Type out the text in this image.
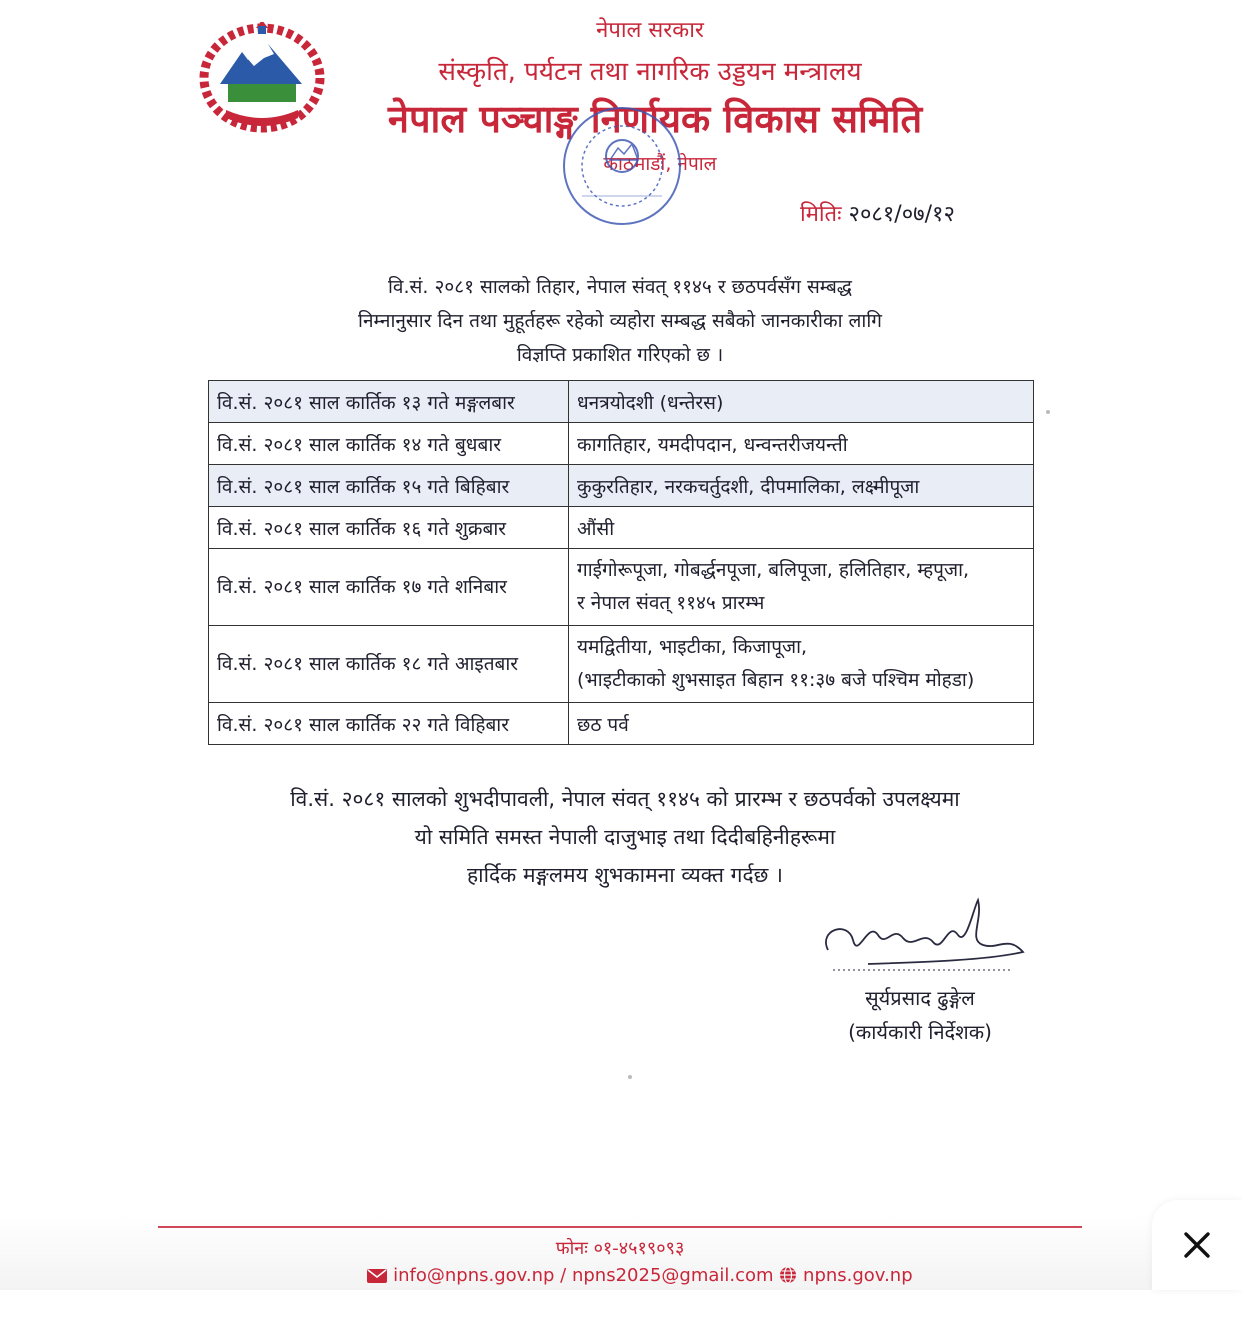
नेपाल सरकार
संस्कृति, पर्यटन तथा नागरिक उड्डयन मन्त्रालय
नेपाल पञ्चाङ्ग निर्णायक विकास समिति
काठमाडौं, नेपाल
मितिः २०८१/०७/१२
वि.सं. २०८१ सालको तिहार, नेपाल संवत् ११४५ र छठपर्वसँग सम्बद्ध
निम्नानुसार दिन तथा मुहूर्तहरू रहेको व्यहोरा सम्बद्ध सबैको जानकारीका लागि
विज्ञप्ति प्रकाशित गरिएको छ ।
वि.सं. २०८१ साल कार्तिक १३ गते मङ्गलबार	धनत्रयोदशी (धन्तेरस)
वि.सं. २०८१ साल कार्तिक १४ गते बुधबार	कागतिहार, यमदीपदान, धन्वन्तरीजयन्ती
वि.सं. २०८१ साल कार्तिक १५ गते बिहिबार	कुकुरतिहार, नरकचर्तुदशी, दीपमालिका, लक्ष्मीपूजा
वि.सं. २०८१ साल कार्तिक १६ गते शुक्रबार	औंसी
वि.सं. २०८१ साल कार्तिक १७ गते शनिबार	गाईगोरूपूजा, गोबर्द्धनपूजा, बलिपूजा, हलितिहार, म्हपूजा,
र नेपाल संवत् ११४५ प्रारम्भ

वि.सं. २०८१ साल कार्तिक १८ गते आइतबार	यमद्वितीया, भाइटीका, किजापूजा,
(भाइटीकाको शुभसाइत बिहान ११:३७ बजे पश्चिम मोहडा)

वि.सं. २०८१ साल कार्तिक २२ गते विहिबार	छठ पर्व
वि.सं. २०८१ सालको शुभदीपावली, नेपाल संवत् ११४५ को प्रारम्भ र छठपर्वको उपलक्ष्यमा
यो समिति समस्त नेपाली दाजुभाइ तथा दिदीबहिनीहरूमा
हार्दिक मङ्गलमय शुभकामना व्यक्त गर्दछ ।
सूर्यप्रसाद ढुङ्गेल
(कार्यकारी निर्देशक)
फोनः ०१-४५१९०९३
info@npns.gov.np / npns2025@gmail.com npns.gov.np
